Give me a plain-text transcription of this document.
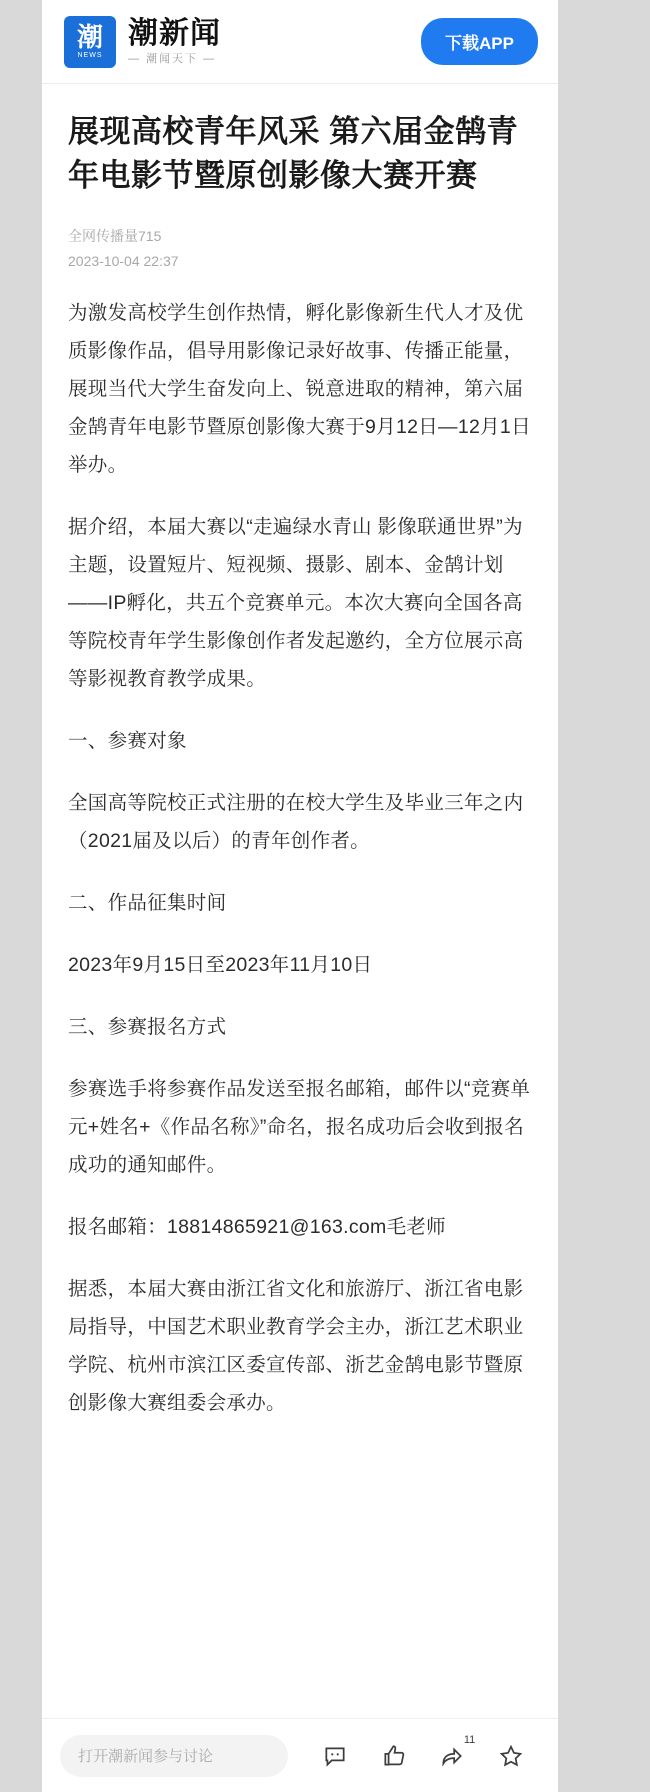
潮
NEWS
潮新闻
— 潮闻天下 —
下载APP
展现高校青年风采 第六届金鹄青年电影节暨原创影像大赛开赛
全网传播量715
2023-10-04 22:37

为激发高校学生创作热情，孵化影像新生代人才及优质影像作品，倡导用影像记录好故事、传播正能量，展现当代大学生奋发向上、锐意进取的精神，第六届金鹄青年电影节暨原创影像大赛于9月12日—12月1日举办。

据介绍，本届大赛以“走遍绿水青山 影像联通世界”为主题，设置短片、短视频、摄影、剧本、金鹄计划——IP孵化，共五个竞赛单元。本次大赛向全国各高等院校青年学生影像创作者发起邀约，全方位展示高等影视教育教学成果。

一、参赛对象

全国高等院校正式注册的在校大学生及毕业三年之内（2021届及以后）的青年创作者。

二、作品征集时间

2023年9月15日至2023年11月10日

三、参赛报名方式

参赛选手将参赛作品发送至报名邮箱，邮件以“竞赛单元+姓名+《作品名称》”命名，报名成功后会收到报名成功的通知邮件。

报名邮箱：18814865921@163.com毛老师

据悉，本届大赛由浙江省文化和旅游厅、浙江省电影局指导，中国艺术职业教育学会主办，浙江艺术职业学院、杭州市滨江区委宣传部、浙艺金鹄电影节暨原创影像大赛组委会承办。

打开潮新闻参与讨论
11
